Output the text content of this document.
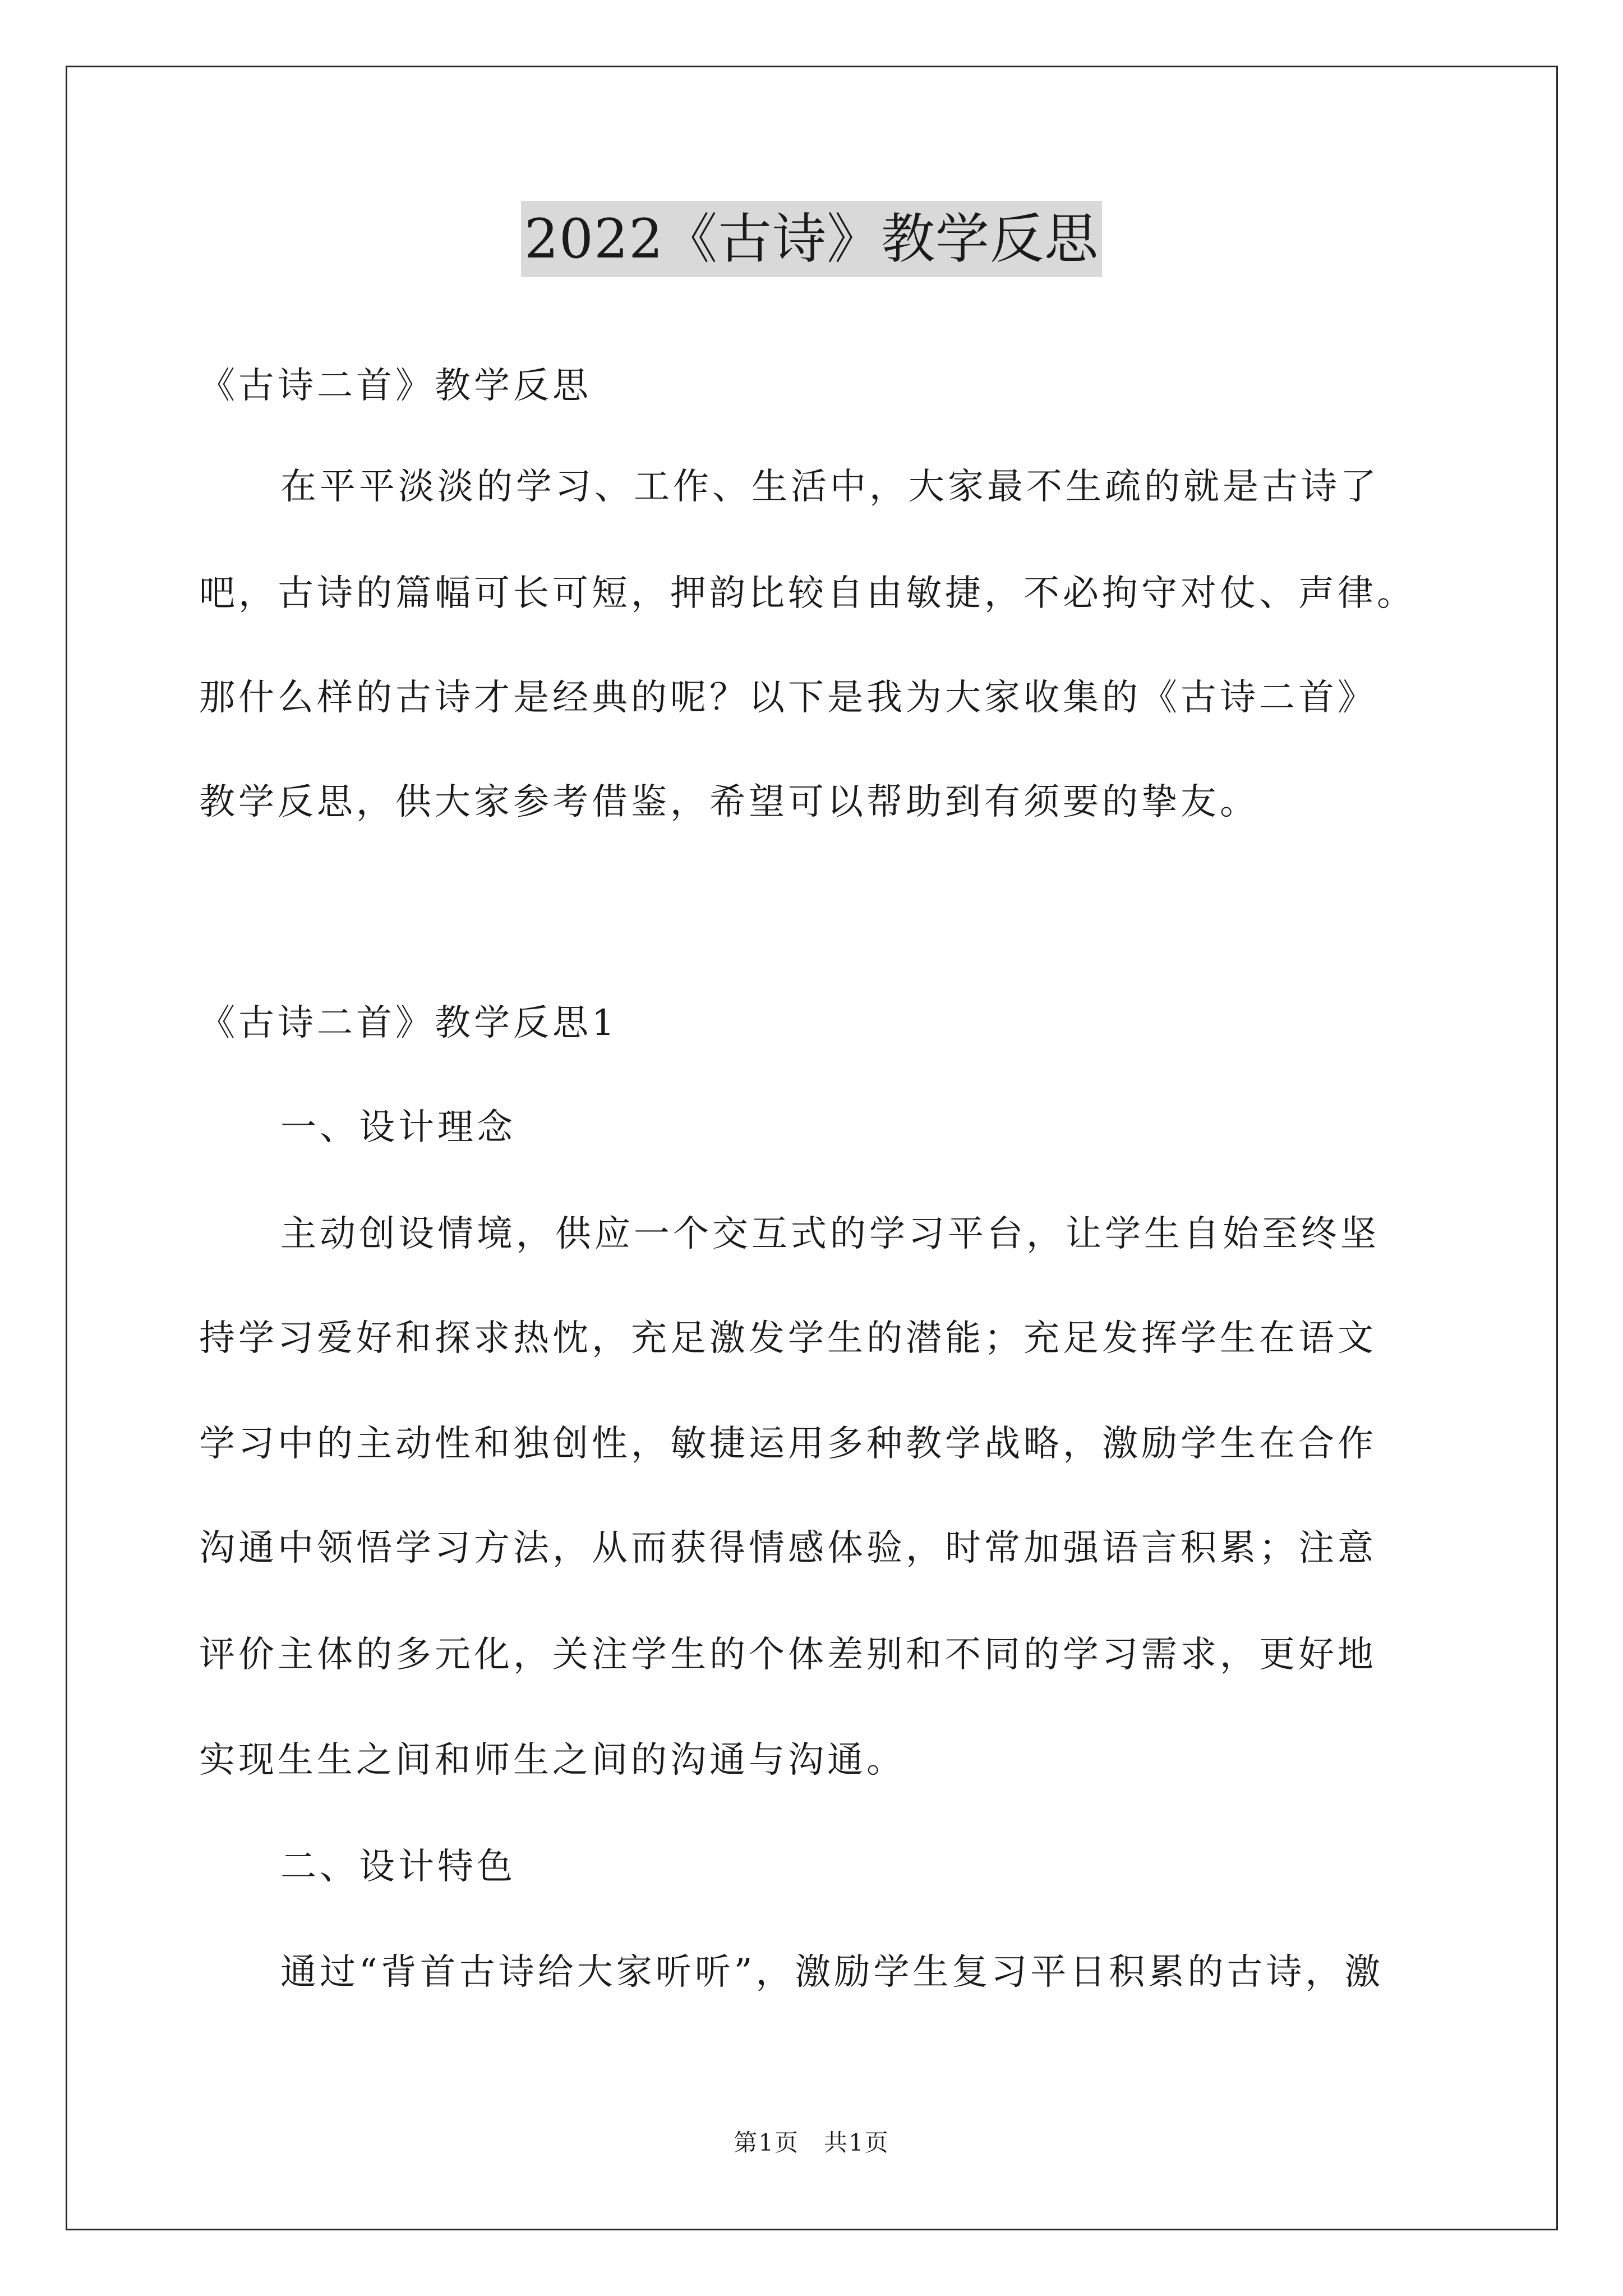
2022《古诗》教学反思
《古诗二首》教学反思
在平平淡淡的学习、工作、生活中，大家最不生疏的就是古诗了
吧，古诗的篇幅可长可短，押韵比较自由敏捷，不必拘守对仗、声律。
那什么样的古诗才是经典的呢？以下是我为大家收集的《古诗二首》
教学反思，供大家参考借鉴，希望可以帮助到有须要的挚友。
《古诗二首》教学反思1
一、设计理念
主动创设情境，供应一个交互式的学习平台，让学生自始至终坚
持学习爱好和探求热忱，充足激发学生的潜能；充足发挥学生在语文
学习中的主动性和独创性，敏捷运用多种教学战略，激励学生在合作
沟通中领悟学习方法，从而获得情感体验，时常加强语言积累；注意
评价主体的多元化，关注学生的个体差别和不同的学习需求，更好地
实现生生之间和师生之间的沟通与沟通。
二、设计特色
通过“背首古诗给大家听听”，激励学生复习平日积累的古诗，激
第1页　共1页
